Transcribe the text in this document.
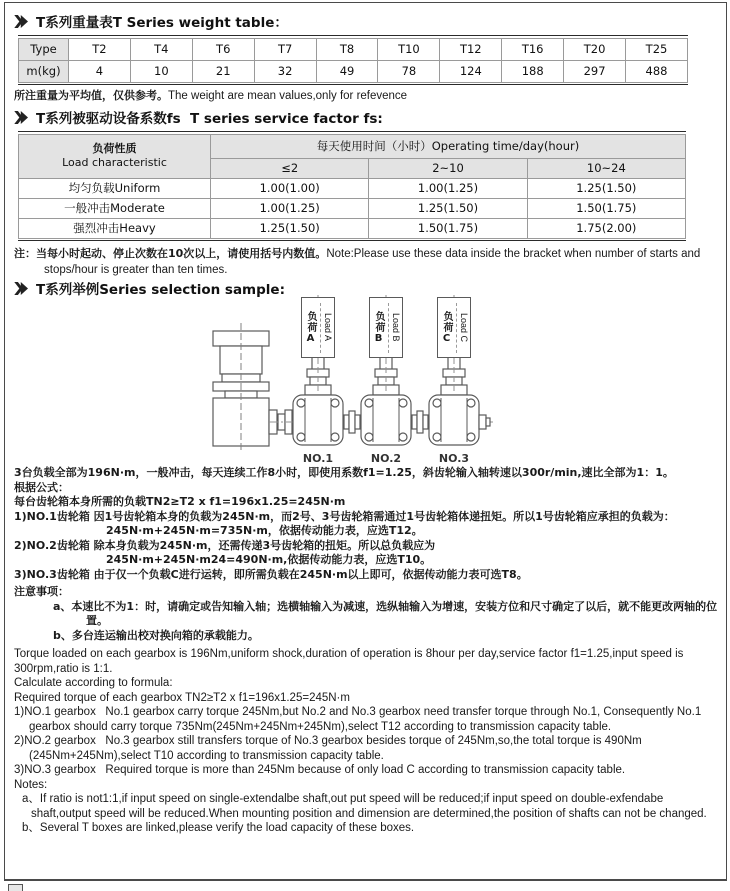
T系列重量表T Series weight table：
Type	T2	T4	T6	T7	T8	T10	T12	T16	T20	T25
m(kg)	4	10	21	32	49	78	124	188	297	488
所注重量为平均值，仅供参考。The weight are mean values,only for refevence
T系列被驱动设备系数fs  T series service factor fs:
负荷性质
Load characteristic	每天使用时间（小时）Operating time/day(hour)		
	≤2	2~10	10~24
均匀负载Uniform	1.00(1.00)	1.00(1.25)	1.25(1.50)
一般冲击Moderate	1.00(1.25)	1.25(1.50)	1.50(1.75)
强烈冲击Heavy	1.25(1.50)	1.50(1.75)	1.75(2.00)
注：当每小时起动、停止次数在10次以上，请使用括号内数值。Note:Please use these data inside the bracket when number of starts and stops/hour is greater than ten times.
T系列举例Series selection sample:
NO.1	NO.2	NO.3
负荷A Load A	负荷B Load B	负荷C Load C
3台负载全部为196N·m，一般冲击，每天连续工作8小时，即使用系数f1=1.25，斜齿轮输入轴转速以300r/min,速比全部为1：1。
根据公式：
每台齿轮箱本身所需的负载TN2≥T2 x f1=196x1.25=245N·m
1)NO.1齿轮箱 因1号齿轮箱本身的负载为245N·m，而2号、3号齿轮箱需通过1号齿轮箱体递扭矩。所以1号齿轮箱应承担的负载为：
245N·m+245N·m=735N·m，依据传动能力表，应选T12。
2)NO.2齿轮箱 除本身负载为245N·m，还需传递3号齿轮箱的扭矩。所以总负载应为
245N·m+245N·m24=490N·m,依据传动能力表，应选T10。
3)NO.3齿轮箱 由于仅一个负载C进行运转，即所需负载在245N·m以上即可，依据传动能力表可选T8。
注意事项：
a、本速比不为1：时，请确定或告知输入轴；选横轴输入为减速，选纵轴输入为增速，安装方位和尺寸确定了以后，就不能更改两轴的位置。
b、多台连运输出校对换向箱的承载能力。
Torque loaded on each gearbox is 196Nm,uniform shock,duration of operation is 8hour per day,service factor f1=1.25,input speed is 300rpm,ratio is 1:1.
Calculate according to formula:
Required torque of each gearbox TN2≥T2 x f1=196x1.25=245N·m
1)NO.1 gearbox   No.1 gearbox carry torque 245Nm,but No.2 and No.3 gearbox need transfer torque through No.1, Consequently No.1 gearbox should carry torque 735Nm(245Nm+245Nm+245Nm),select T12 according to transmission capacity table.
2)NO.2 gearbox   No.3 gearbox still transfers torque of No.3 gearbox besides torque of 245Nm,so,the total torque is 490Nm (245Nm+245Nm),select T10 according to transmission capacity table.
3)NO.3 gearbox   Required torque is more than 245Nm because of only load C according to transmission capacity table.
Notes:
a、If ratio is not1:1,if input speed on single-extendalbe shaft,out put speed will be reduced;if input speed on double-exfendabe shaft,output speed will be reduced.When mounting position and dimension are determined,the position of shafts can not be changed.
b、Several T boxes are linked,please verify the load capacity of these boxes.
